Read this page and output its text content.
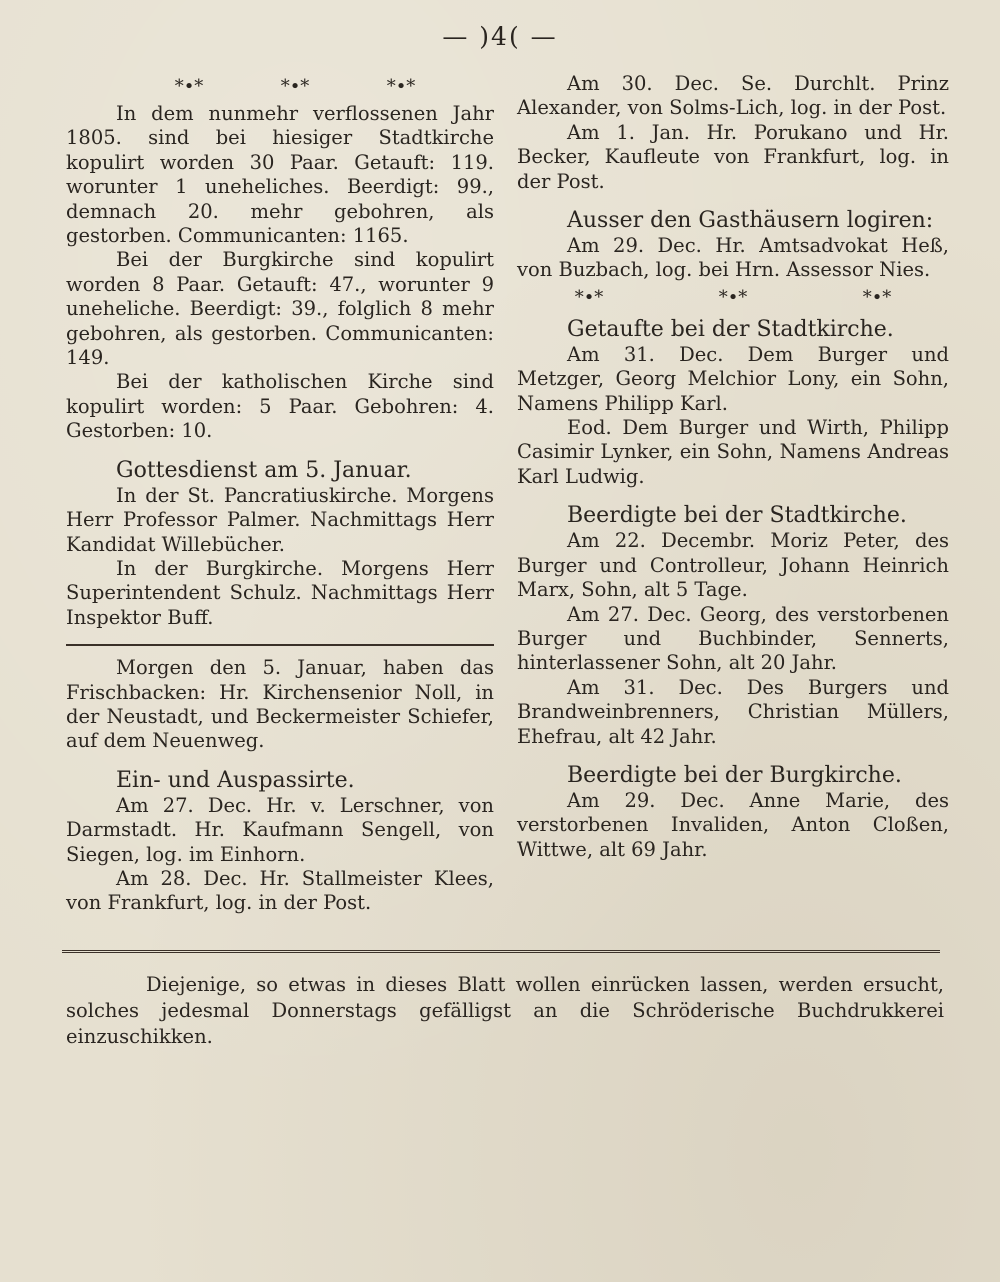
— )4( —
*•*	*•*	*•*

In dem nunmehr verflossenen Jahr 1805. sind bei hiesiger Stadtkirche kopulirt worden 30 Paar. Getauft: 119. worunter 1 uneheliches. Beerdigt: 99., demnach 20. mehr gebohren, als gestorben. Communicanten: 1165.

Bei der Burgkirche sind kopulirt worden 8 Paar. Getauft: 47., worunter 9 uneheliche. Beerdigt: 39., folglich 8 mehr gebohren, als gestorben. Communicanten: 149.

Bei der katholischen Kirche sind kopulirt worden: 5 Paar. Gebohren: 4. Gestorben: 10.

Gottesdienst am 5. Januar.

In der St. Pancratiuskirche. Morgens Herr Professor Palmer. Nachmittags Herr Kandidat Willebücher.

In der Burgkirche. Morgens Herr Superintendent Schulz. Nachmittags Herr Inspektor Buff.

Morgen den 5. Januar, haben das Frischbacken: Hr. Kirchensenior Noll, in der Neustadt, und Beckermeister Schiefer, auf dem Neuenweg.

Ein- und Auspassirte.

Am 27. Dec. Hr. v. Lerschner, von Darmstadt. Hr. Kaufmann Sengell, von Siegen, log. im Einhorn.

Am 28. Dec. Hr. Stallmeister Klees, von Frankfurt, log. in der Post.

Am 30. Dec. Se. Durchlt. Prinz Alexander, von Solms-Lich, log. in der Post.

Am 1. Jan. Hr. Porukano und Hr. Becker, Kaufleute von Frankfurt, log. in der Post.

Ausser den Gasthäusern logiren:

Am 29. Dec. Hr. Amtsadvokat Heß, von Buzbach, log. bei Hrn. Assessor Nies.

*•*	*•*	*•*
Getaufte bei der Stadtkirche.

Am 31. Dec. Dem Burger und Metzger, Georg Melchior Lony, ein Sohn, Namens Philipp Karl.

Eod. Dem Burger und Wirth, Philipp Casimir Lynker, ein Sohn, Namens Andreas Karl Ludwig.

Beerdigte bei der Stadtkirche.

Am 22. Decembr. Moriz Peter, des Burger und Controlleur, Johann Heinrich Marx, Sohn, alt 5 Tage.

Am 27. Dec. Georg, des verstorbenen Burger und Buchbinder, Sennerts, hinterlassener Sohn, alt 20 Jahr.

Am 31. Dec. Des Burgers und Brandweinbrenners, Christian Müllers, Ehefrau, alt 42 Jahr.

Beerdigte bei der Burgkirche.

Am 29. Dec. Anne Marie, des verstorbenen Invaliden, Anton Cloßen, Wittwe, alt 69 Jahr.

Diejenige, so etwas in dieses Blatt wollen einrücken lassen, werden ersucht, solches jedesmal Donnerstags gefälligst an die Schröderische Buchdrukkerei einzuschikken.
